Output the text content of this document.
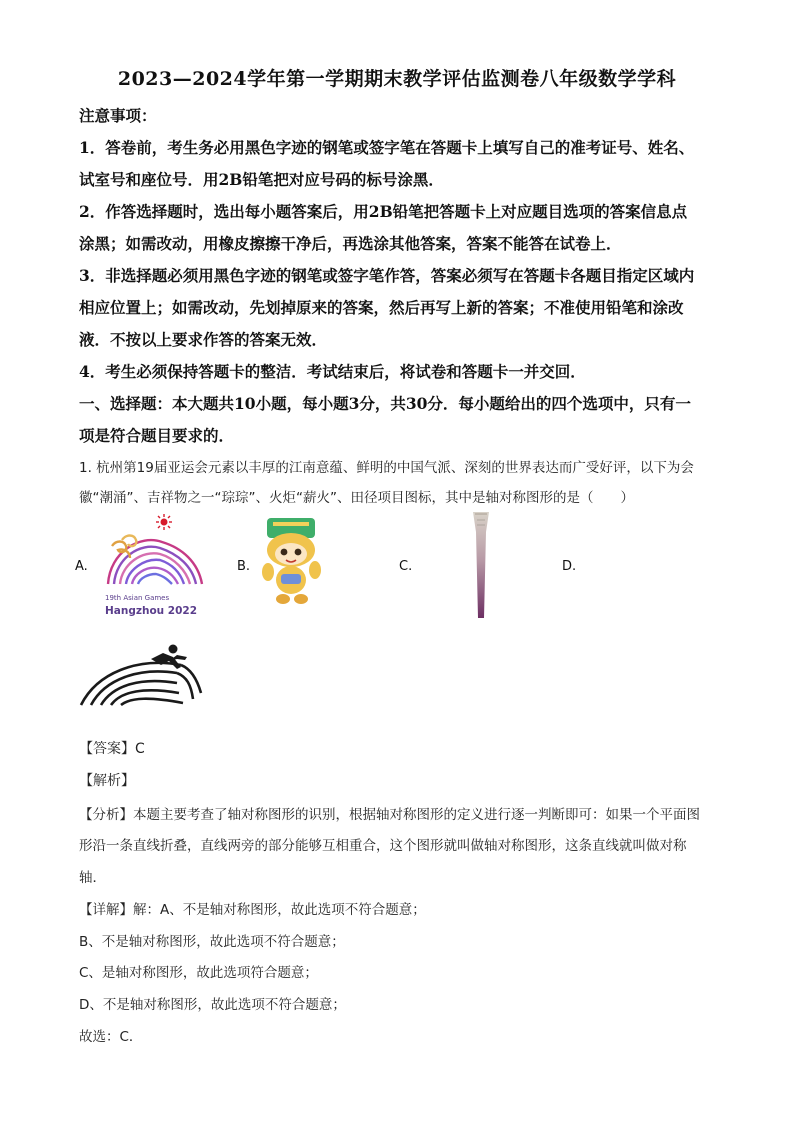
2023—2024学年第一学期期末教学评估监测卷八年级数学学科
注意事项：
1．答卷前，考生务必用黑色字迹的钢笔或签字笔在答题卡上填写自己的准考证号、姓名、
试室号和座位号．用2B铅笔把对应号码的标号涂黑．
2．作答选择题时，选出每小题答案后，用2B铅笔把答题卡上对应题目选项的答案信息点
涂黑；如需改动，用橡皮擦擦干净后，再选涂其他答案，答案不能答在试卷上．
3．非选择题必须用黑色字迹的钢笔或签字笔作答，答案必须写在答题卡各题目指定区域内
相应位置上；如需改动，先划掉原来的答案，然后再写上新的答案；不准使用铅笔和涂改
液．不按以上要求作答的答案无效．
4．考生必须保持答题卡的整洁．考试结束后，将试卷和答题卡一并交回．
一、选择题：本大题共10小题，每小题3分，共30分．每小题给出的四个选项中，只有一
项是符合题目要求的．
1. 杭州第19届亚运会元素以丰厚的江南意蕴、鲜明的中国气派、深刻的世界表达而广受好评，以下为会
徽“潮涌”、吉祥物之一“琮琮”、火炬“薪火”、田径项目图标，其中是轴对称图形的是（　　）
A.
19th Asian Games
Hangzhou 2022
B.	C.	D.
【答案】C
【解析】
【分析】本题主要考查了轴对称图形的识别，根据轴对称图形的定义进行逐一判断即可：如果一个平面图
形沿一条直线折叠，直线两旁的部分能够互相重合，这个图形就叫做轴对称图形，这条直线就叫做对称
轴．
【详解】解：A、不是轴对称图形，故此选项不符合题意；
B、不是轴对称图形，故此选项不符合题意；
C、是轴对称图形，故此选项符合题意；
D、不是轴对称图形，故此选项不符合题意；
故选：C．
